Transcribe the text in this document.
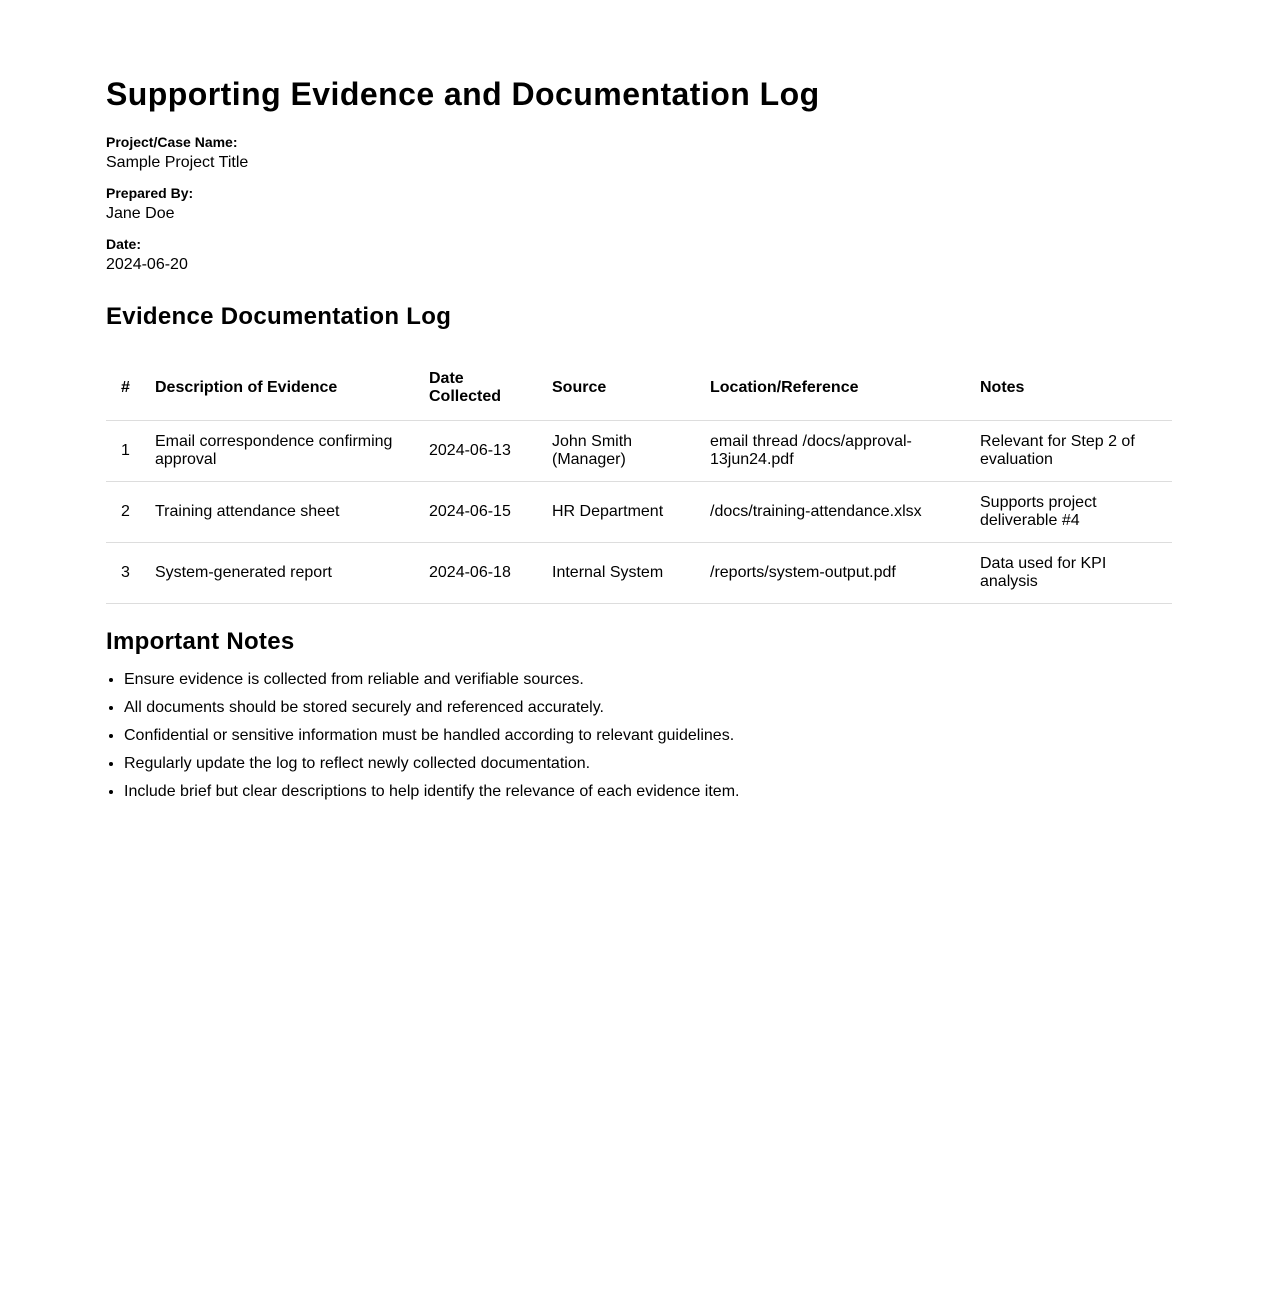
Supporting Evidence and Documentation Log
Project/Case Name:
Sample Project Title
Prepared By:
Jane Doe
Date:
2024-06-20
Evidence Documentation Log
#	Description of Evidence	Date Collected	Source	Location/Reference	Notes
1	Email correspondence confirming approval	2024-06-13	John Smith (Manager)	email thread /docs/approval-13jun24.pdf	Relevant for Step 2 of evaluation
2	Training attendance sheet	2024-06-15	HR Department	/docs/training-attendance.xlsx	Supports project deliverable #4
3	System-generated report	2024-06-18	Internal System	/reports/system-output.pdf	Data used for KPI analysis
Important Notes
• Ensure evidence is collected from reliable and verifiable sources.
• All documents should be stored securely and referenced accurately.
• Confidential or sensitive information must be handled according to relevant guidelines.
• Regularly update the log to reflect newly collected documentation.
• Include brief but clear descriptions to help identify the relevance of each evidence item.
